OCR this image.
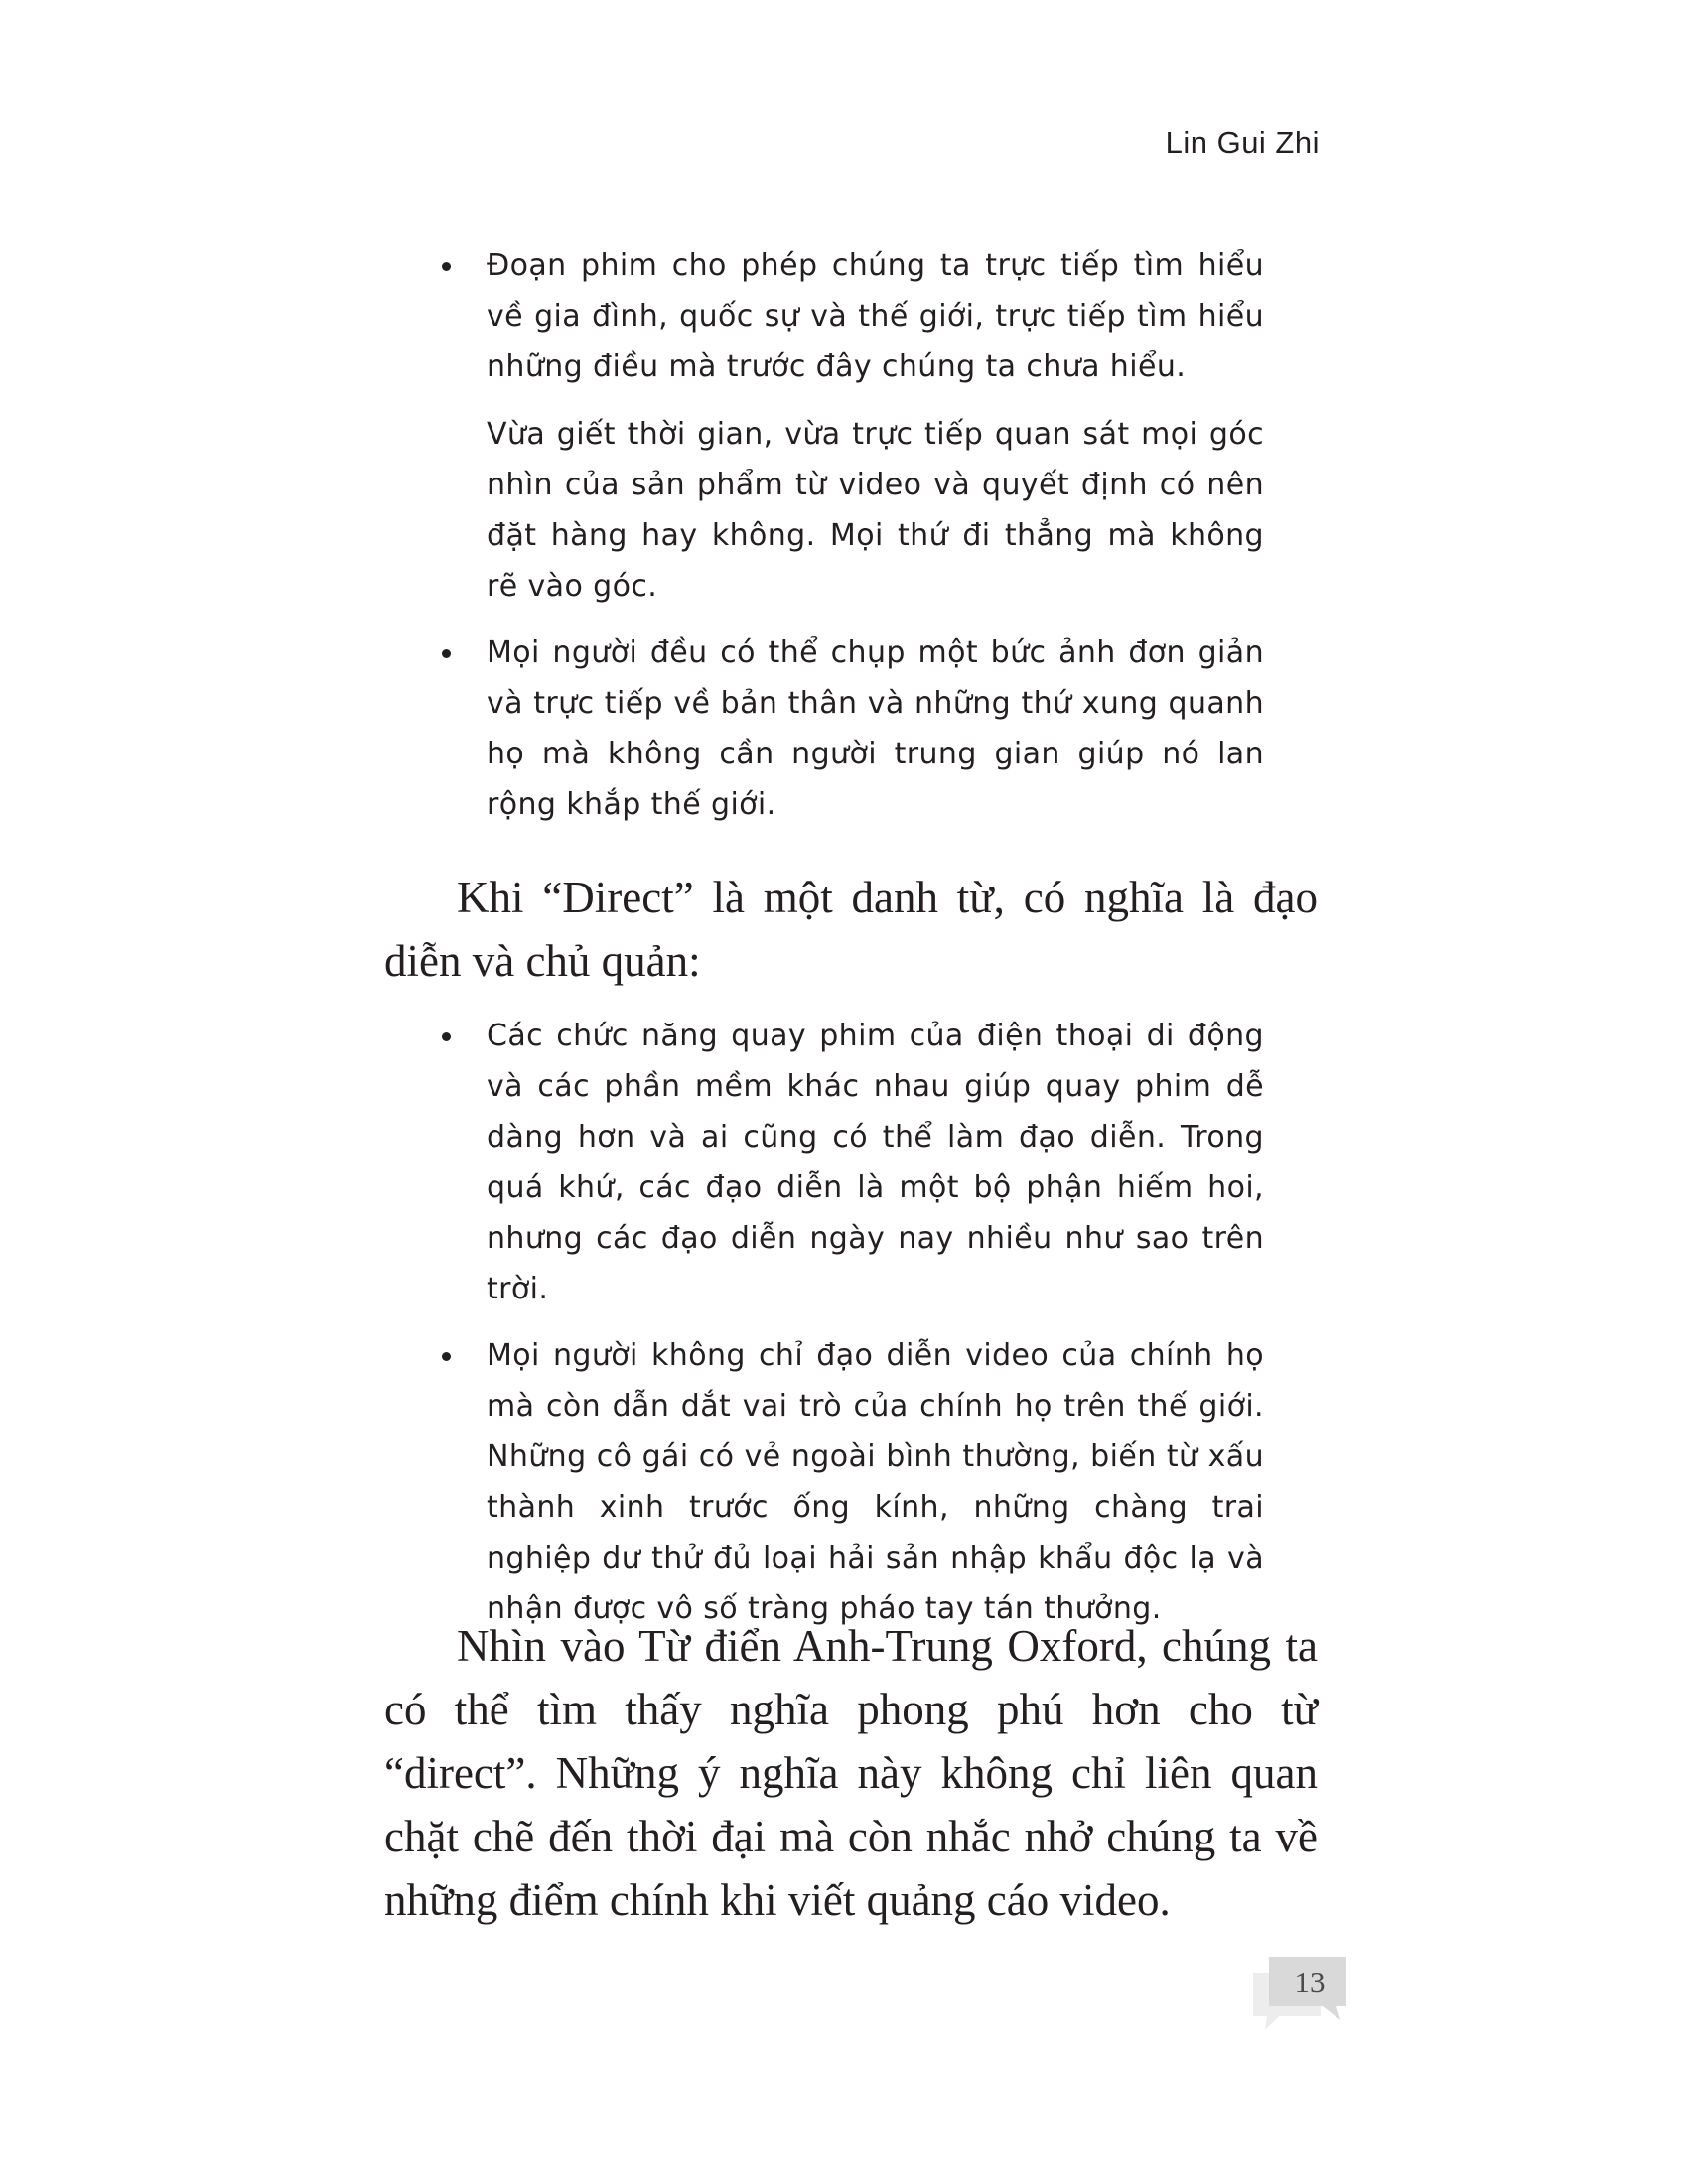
Lin Gui Zhi
Đoạn phim cho phép chúng ta trực tiếp tìm hiểu về gia đình, quốc sự và thế giới, trực tiếp tìm hiểu những điều mà trước đây chúng ta chưa hiểu.
Vừa giết thời gian, vừa trực tiếp quan sát mọi góc nhìn của sản phẩm từ video và quyết định có nên đặt hàng hay không. Mọi thứ đi thẳng mà không rẽ vào góc.
Mọi người đều có thể chụp một bức ảnh đơn giản và trực tiếp về bản thân và những thứ xung quanh họ mà không cần người trung gian giúp nó lan rộng khắp thế giới.

Khi “Direct” là một danh từ, có nghĩa là đạo diễn và chủ quản:

Các chức năng quay phim của điện thoại di động và các phần mềm khác nhau giúp quay phim dễ dàng hơn và ai cũng có thể làm đạo diễn. Trong quá khứ, các đạo diễn là một bộ phận hiếm hoi, nhưng các đạo diễn ngày nay nhiều như sao trên trời.
Mọi người không chỉ đạo diễn video của chính họ mà còn dẫn dắt vai trò của chính họ trên thế giới. Những cô gái có vẻ ngoài bình thường, biến từ xấu thành xinh trước ống kính, những chàng trai nghiệp dư thử đủ loại hải sản nhập khẩu độc lạ và nhận được vô số tràng pháo tay tán thưởng.

Nhìn vào Từ điển Anh-Trung Oxford, chúng ta có thể tìm thấy nghĩa phong phú hơn cho từ “direct”. Những ý nghĩa này không chỉ liên quan chặt chẽ đến thời đại mà còn nhắc nhở chúng ta về những điểm chính khi viết quảng cáo video.

13
